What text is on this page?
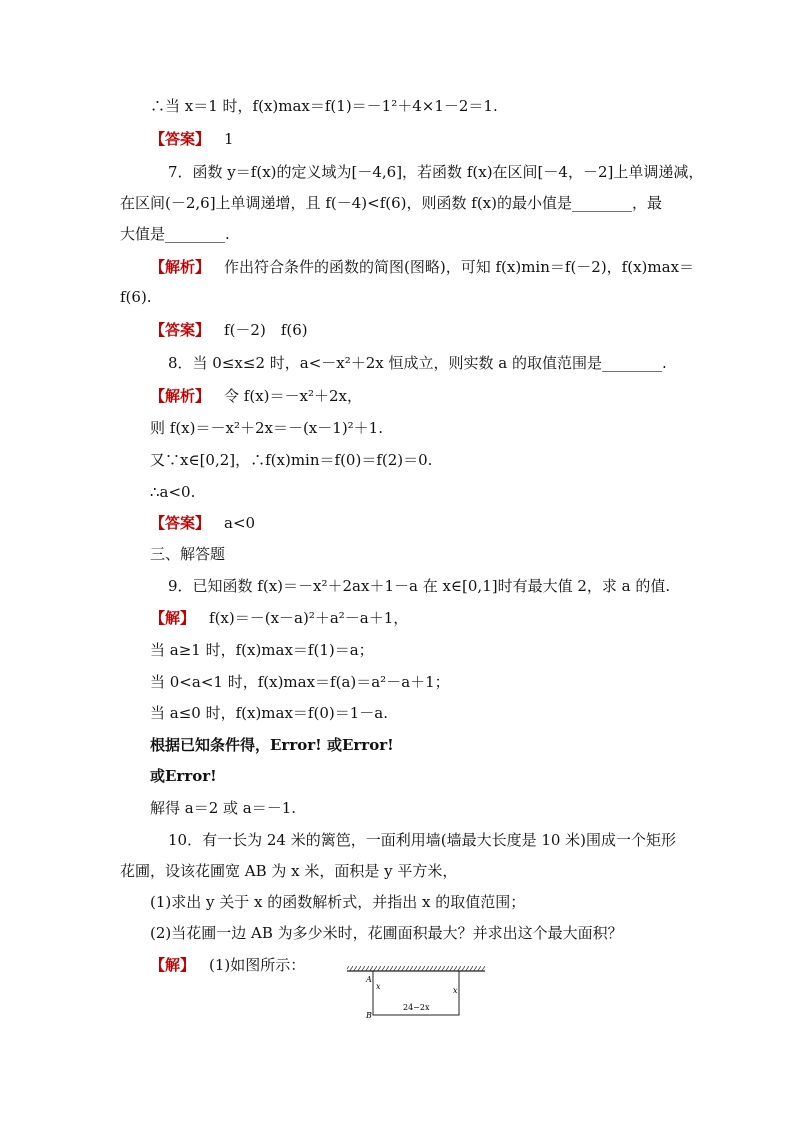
∴当 x＝1 时，f(x)max＝f(1)＝－1²＋4×1－2＝1.
【答案】 1
7．函数 y＝f(x)的定义域为[－4,6]，若函数 f(x)在区间[－4，－2]上单调递减，
在区间(－2,6]上单调递增，且 f(－4)<f(6)，则函数 f(x)的最小值是________，最
大值是________.
【解析】 作出符合条件的函数的简图(图略)，可知 f(x)min＝f(－2)，f(x)max＝
f(6).
【答案】 f(－2)　f(6)
8．当 0≤x≤2 时，a<－x²＋2x 恒成立，则实数 a 的取值范围是________.
【解析】 令 f(x)＝－x²＋2x，
则 f(x)＝－x²＋2x＝－(x－1)²＋1.
又∵x∈[0,2]，∴f(x)min＝f(0)＝f(2)＝0.
∴a<0.
【答案】 a<0
三、解答题
9．已知函数 f(x)＝－x²＋2ax＋1－a 在 x∈[0,1]时有最大值 2，求 a 的值.
【解】 f(x)＝－(x－a)²＋a²－a＋1，
当 a≥1 时，f(x)max＝f(1)＝a；
当 0<a<1 时，f(x)max＝f(a)＝a²－a＋1；
当 a≤0 时，f(x)max＝f(0)＝1－a.
根据已知条件得，Error! 或Error!
或Error!
解得 a＝2 或 a＝－1.
10．有一长为 24 米的篱笆，一面利用墙(墙最大长度是 10 米)围成一个矩形
花圃，设该花圃宽 AB 为 x 米，面积是 y 平方米，
(1)求出 y 关于 x 的函数解析式，并指出 x 的取值范围；
(2)当花圃一边 AB 为多少米时，花圃面积最大？并求出这个最大面积？
【解】 (1)如图所示：
A
B
x	x
24−2x
